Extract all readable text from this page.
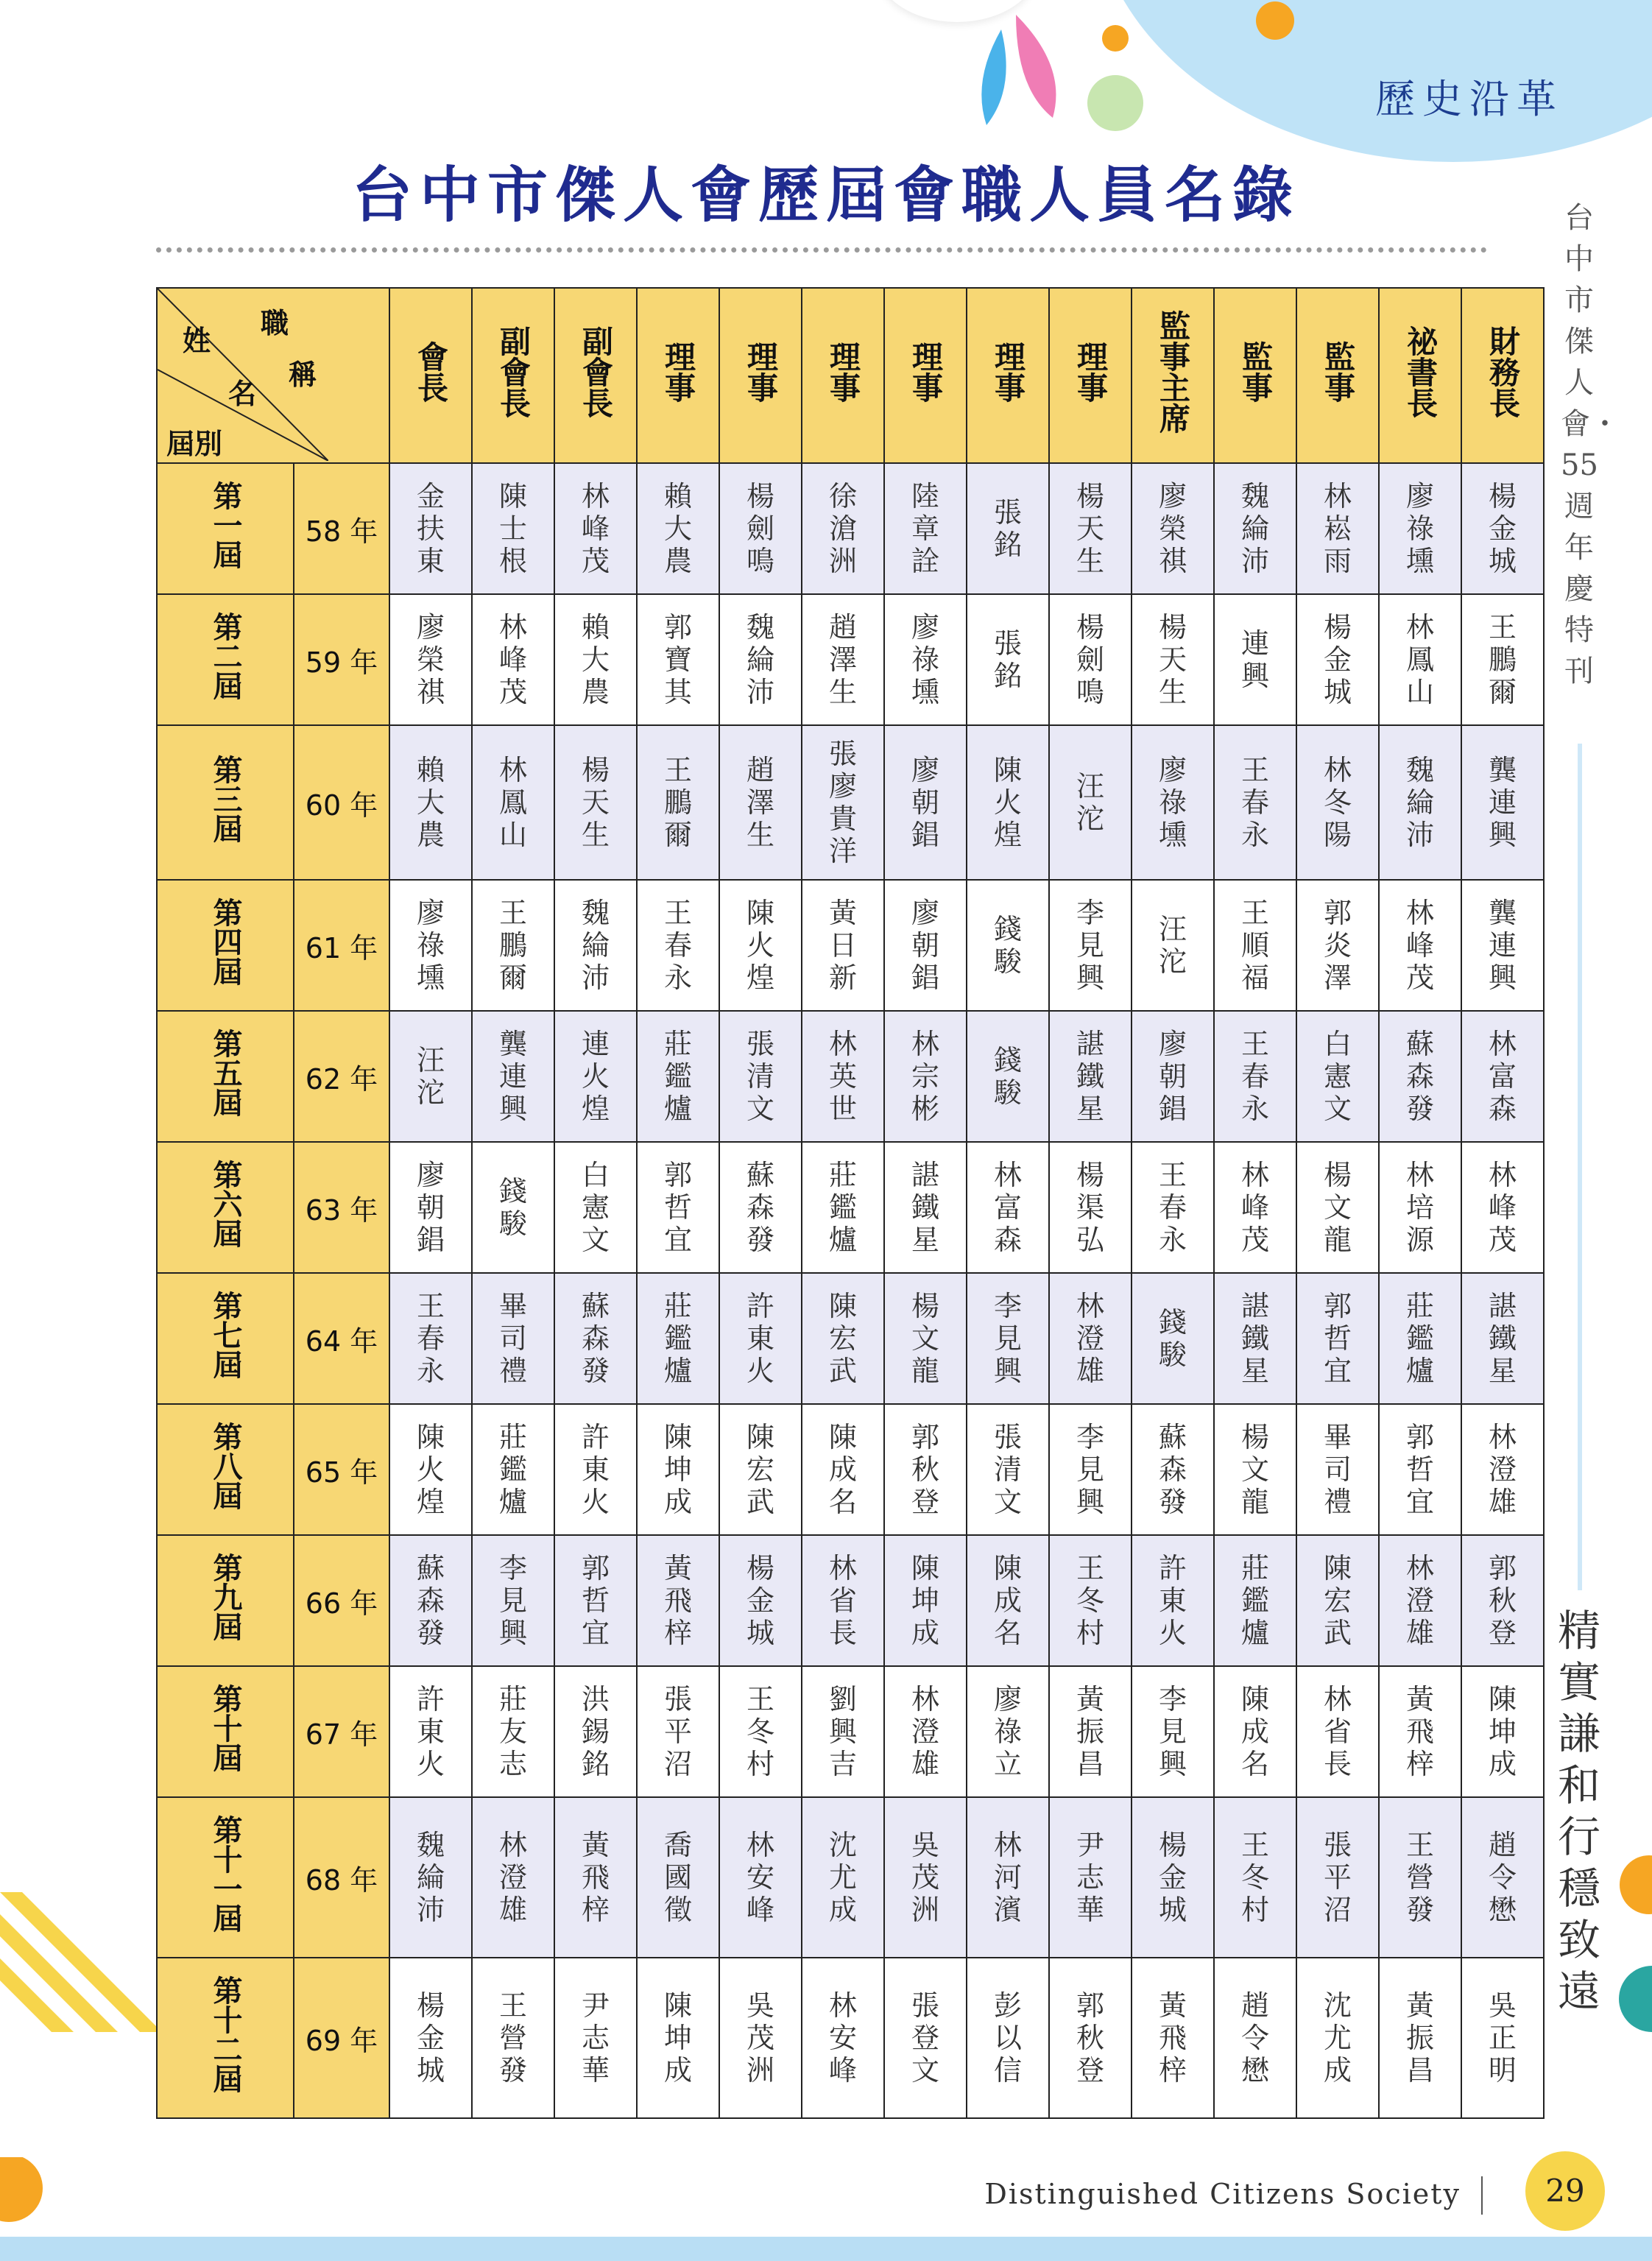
歷史沿革
台中市傑人會歷屆會職人員名錄	台中市傑人會・55週年慶特刊
精實謙和 行穩致遠
姓
名
職
稱
屆別		會長	副會長	副會長	理事	理事	理事	理事	理事	理事	監事主席	監事	監事	祕書長	財務長
第一屆	58 年	金扶東	陳士根	林峰茂	賴大農	楊劍鳴	徐滄洲	陸章詮	張 銘	楊天生	廖榮祺	魏綸沛	林崧雨	廖祿壎	楊金城
第二屆	59 年	廖榮祺	林峰茂	賴大農	郭寶其	魏綸沛	趙澤生	廖祿壎	張 銘	楊劍鳴	楊天生	連 興	楊金城	林鳳山	王鵬爾
第三屆	60 年	賴大農	林鳳山	楊天生	王鵬爾	趙澤生	張廖貴洋	廖朝錩	陳火煌	汪 沱	廖祿壎	王春永	林冬陽	魏綸沛	龔連興
第四屆	61 年	廖祿壎	王鵬爾	魏綸沛	王春永	陳火煌	黃日新	廖朝錩	錢 駿	李見興	汪 沱	王順福	郭炎澤	林峰茂	龔連興
第五屆	62 年	汪 沱	龔連興	連火煌	莊鑑爐	張清文	林英世	林宗彬	錢 駿	諶鐵星	廖朝錩	王春永	白憲文	蘇森發	林富森
第六屆	63 年	廖朝錩	錢 駿	白憲文	郭哲宜	蘇森發	莊鑑爐	諶鐵星	林富森	楊渠弘	王春永	林峰茂	楊文龍	林培源	林峰茂
第七屆	64 年	王春永	畢司禮	蘇森發	莊鑑爐	許東火	陳宏武	楊文龍	李見興	林澄雄	錢 駿	諶鐵星	郭哲宜	莊鑑爐	諶鐵星
第八屆	65 年	陳火煌	莊鑑爐	許東火	陳坤成	陳宏武	陳成名	郭秋登	張清文	李見興	蘇森發	楊文龍	畢司禮	郭哲宜	林澄雄
第九屆	66 年	蘇森發	李見興	郭哲宜	黃飛梓	楊金城	林省長	陳坤成	陳成名	王冬村	許東火	莊鑑爐	陳宏武	林澄雄	郭秋登
第十屆	67 年	許東火	莊友志	洪錫銘	張平沼	王冬村	劉興吉	林澄雄	廖祿立	黃振昌	李見興	陳成名	林省長	黃飛梓	陳坤成
第十一屆	68 年	魏綸沛	林澄雄	黃飛梓	喬國徵	林安峰	沈尤成	吳茂洲	林河濱	尹志華	楊金城	王冬村	張平沼	王營發	趙令懋
第十二屆	69 年	楊金城	王營發	尹志華	陳坤成	吳茂洲	林安峰	張登文	彭以信	郭秋登	黃飛梓	趙令懋	沈尤成	黃振昌	吳正明
Distinguished Citizens Society	29
